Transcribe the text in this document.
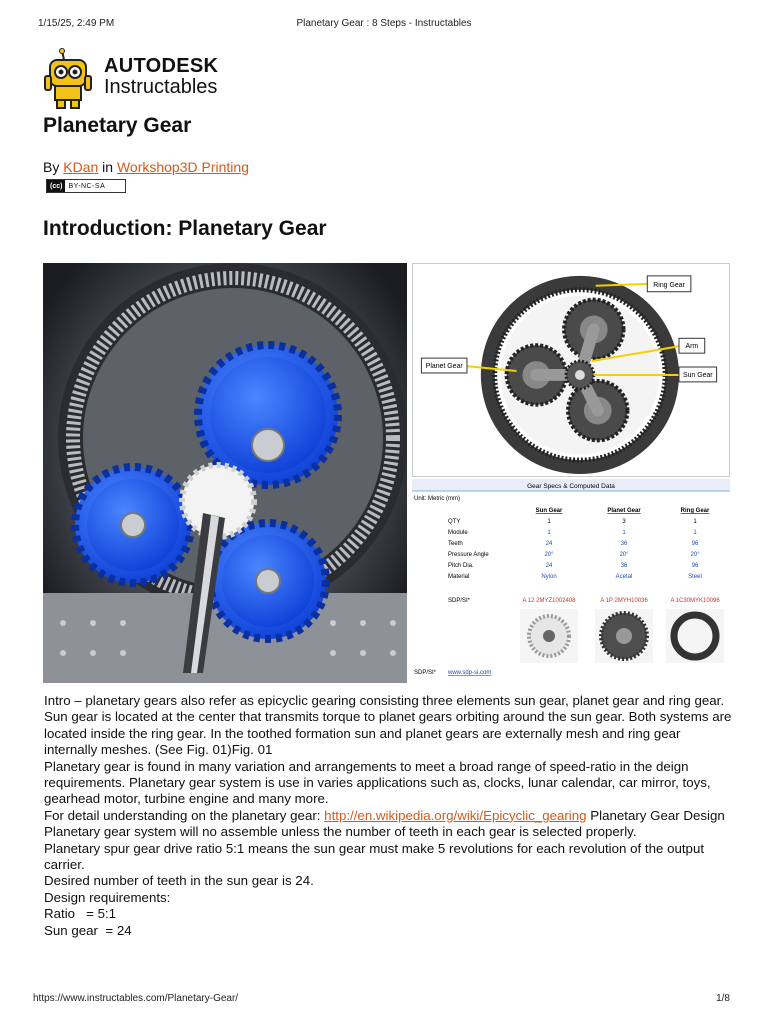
1/15/25, 2:49 PM	Planetary Gear : 8 Steps - Instructables
AUTODESK
Instructables
Planetary Gear
By KDan in Workshop3D Printing
(cc) BY-NC-SA
Introduction: Planetary Gear
Ring Gear
Arm
Planet Gear
Sun Gear
Gear Specs & Computed Data
Unit: Metric (mm)
Sun Gear	Planet Gear	Ring Gear
QTY	1	3	1
Module	1	1	1
Teeth	24	36	96
Pressure Angle	20°	20°	20°
Pitch Dia.	24	36	96
Material	Nylon	Acetal	Steel
SDP/SI*	A 12 2MYZ1002408	A 1P 2MYH10036	A 1C30MYK10096
SDP/SI* www.sdp-si.com

Intro – planetary gears also refer as epicyclic gearing consisting three elements sun gear, planet gear and ring gear. Sun gear is located at the center that transmits torque to planet gears orbiting around the sun gear. Both systems are located inside the ring gear. In the toothed formation sun and planet gears are externally mesh and ring gear internally meshes. (See Fig. 01)Fig. 01

Planetary gear is found in many variation and arrangements to meet a broad range of speed-ratio in the deign requirements. Planetary gear system is use in varies applications such as, clocks, lunar calendar, car mirror, toys, gearhead motor, turbine engine and many more.

For detail understanding on the planetary gear: http://en.wikipedia.org/wiki/Epicyclic_gearing Planetary Gear Design

Planetary gear system will no assemble unless the number of teeth in each gear is selected properly.

Planetary spur gear drive ratio 5:1 means the sun gear must make 5 revolutions for each revolution of the output carrier.

Desired number of teeth in the sun gear is 24.

Design requirements:

Ratio   = 5:1

Sun gear  = 24

https://www.instructables.com/Planetary-Gear/	1/8
